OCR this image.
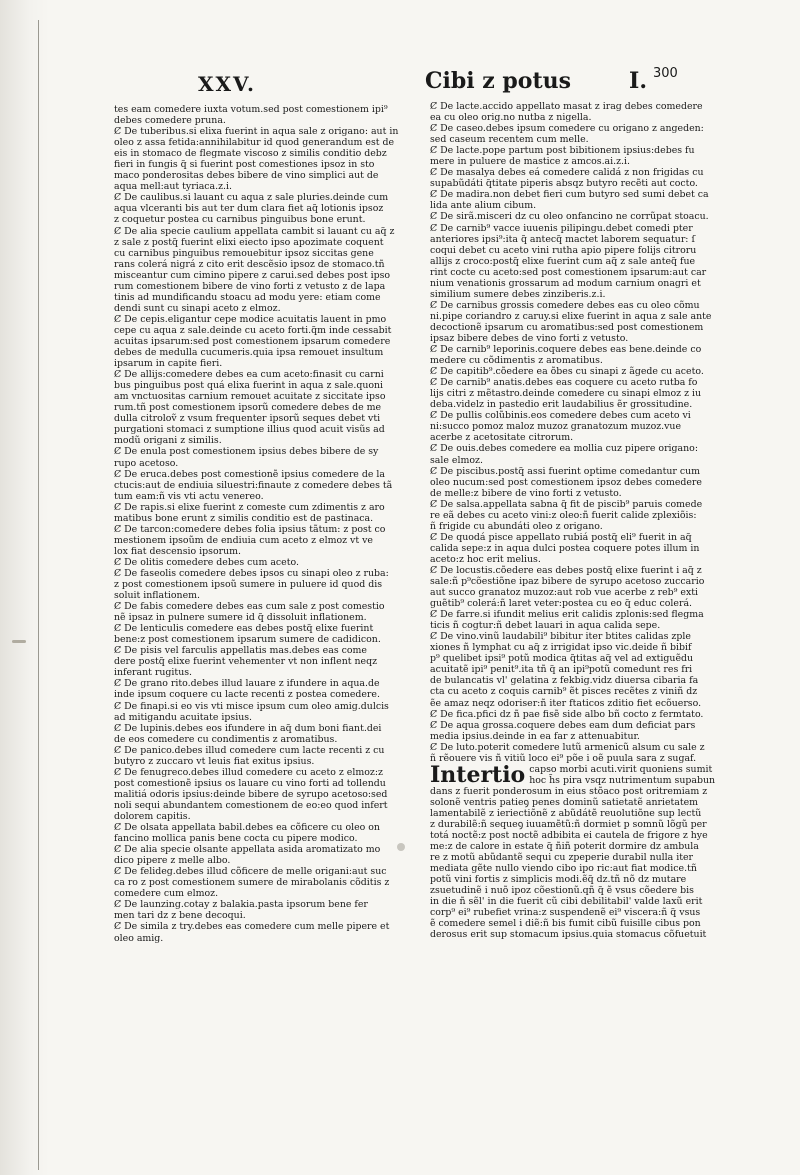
XXV.	Cibi z potus	I. 300
tes eam comedere iuxta votum.sed post comestionem ipi⁹
debes comedere pruna.
Ȼ De tuberibus.si elixa fuerint in aqua sale z origano: aut in
oleo z assa fetida:annihilabitur id quod generandum est de
eis in stomaco de flegmate viscoso z similis conditio debz
fieri in fungis q̃ si fuerint post comestiones ipsoz in sto
maco ponderositas debes bibere de vino simplici aut de
aqua mell:aut tyriaca.z.i.
Ȼ De caulibus.si lauant cu aqua z sale pluries.deinde cum
aqua vlceranti bis aut ter dum clara fiet aq̃ lotionis ipsoz
z coquetur postea cu carnibus pinguibus bone erunt.
Ȼ De alia specie caulium appellata cambit si lauant cu aq̃ z
z sale z postq̃ fuerint elixi eiecto ipso apozimate coquent
cu carnibus pinguibus remouebitur ipsoz siccitas gene
rans colerá nigrá z cito erit descẽsio ipsoz de stomaco.tñ
misceantur cum cimino pipere z carui.sed debes post ipso
rum comestionem bibere de vino forti z vetusto z de lapa
tinis ad mundificandu stoacu ad modu yere: etiam come
dendi sunt cu sinapi aceto z elmoz.
Ȼ De cepis.eligantur cepe modice acuitatis lauent in pmo
cepe cu aqua z sale.deinde cu aceto forti.q̃m inde cessabit
acuitas ipsarum:sed post comestionem ipsarum comedere
debes de medulla cucumeris.quia ipsa remouet insultum
ipsarum in capite fieri.
Ȼ De allijs:comedere debes ea cum aceto:finasit cu carni
bus pinguibus post quá elixa fuerint in aqua z sale.quoni
am vnctuositas carnium remouet acuitate z siccitate ipso
rum.tñ post comestionem ipsorũ comedere debes de me
dulla citroloṽ z vsum frequenter ipsorũ seques debet vti
purgationi stomaci z sumptione illius quod acuit visũs ad
modũ origani z similis.
Ȼ De enula post comestionem ipsius debes bibere de sy
rupo acetoso.
Ȼ De eruca.debes post comestionẽ ipsius comedere de la
ctucis:aut de endiuia siluestri:finaute z comedere debes tã
tum eam:ñ vis vti actu venereo.
Ȼ De rapis.si elixe fuerint z comeste cum zdimentis z aro
matibus bone erunt z similis conditio est de pastinaca.
Ȼ De tarcon:comedere debes folia ipsius tãtum: z post co
mestionem ipsoũm de endiuia cum aceto z elmoz vt ve
lox fiat descensio ipsorum.
Ȼ De olitis comedere debes cum aceto.
Ȼ De faseolis comedere debes ipsos cu sinapi oleo z ruba:
z post comestionem ipsoũ sumere in puluere id quod dis
soluit inflationem.
Ȼ De fabis comedere debes eas cum sale z post comestio
nẽ ipsaz in pulnere sumere id q̃ dissoluit inflationem.
Ȼ De lenticulis comedere eas debes postq̃ elixe fuerint
bene:z post comestionem ipsarum sumere de cadidicon.
Ȼ De pisis vel farculis appellatis mas.debes eas come
dere postq̃ elixe fuerint vehementer vt non inflent neqz
inferant rugitus.
Ȼ De grano rito.debes illud lauare z ifundere in aqua.de
inde ipsum coquere cu lacte recenti z postea comedere.
Ȼ De finapi.si eo vis vti misce ipsum cum oleo amig.dulcis
ad mitigandu acuitate ipsius.
Ȼ De lupinis.debes eos ifundere in aq̃ dum boni fiant.dei
de eos comedere cu condimentis z aromatibus.
Ȼ De panico.debes illud comedere cum lacte recenti z cu
butyro z zuccaro vt leuis fiat exitus ipsius.
Ȼ De fenugreco.debes illud comedere cu aceto z elmoz:z
post comestionẽ ipsius os lauare cu vino forti ad tollendu
malitiá odoris ipsius:deinde bibere de syrupo acetoso:sed
noli sequi abundantem comestionem de eo:eo quod infert
dolorem capitis.
Ȼ De olsata appellata babil.debes ea cõficere cu oleo on
fancino mollica panis bene cocta cu pipere modico.
Ȼ De alia specie olsante appellata asida aromatizato mo
dico pipere z melle albo.
Ȼ De felideg.debes illud cõficere de melle origani:aut suc
ca ro z post comestionem sumere de mirabolanis cõditis z
comedere cum elmoz.
Ȼ De launzing.cotay z balakia.pasta ipsorum bene fer
men tari dz z bene decoqui.
Ȼ De simila z try.debes eas comedere cum melle pipere et
oleo amig.
Ȼ De lacte.accido appellato masat z irag debes comedere
ea cu oleo orig.no nutba z nigella.
Ȼ De caseo.debes ipsum comedere cu origano z angeden:
sed caseum recentem cum melle.
Ȼ De lacte.pope partum post bibitionem ipsius:debes fu
mere in puluere de mastice z amcos.ai.z.i.
Ȼ De masalya debes eá comedere calidá z non frigidas cu
supabũdáti q̃titate piperis absqz butyro recẽti aut cocto.
Ȼ De madira.non debet fieri cum butyro sed sumi debet ca
lida ante alium cibum.
Ȼ De sirã.misceri dz cu oleo onfancino ne corrũpat stoacu.
Ȼ De carnib⁹ vacce iuuenis pilipingu.debet comedi pter
anteriores ipsi⁹:ita q̃ antecq̃ mactet laborem sequatur: ſ
coqui debet cu aceto vini rutha apio pipere folijs citroru
allijs z croco:postq̃ elixe fuerint cum aq̃ z sale anteq̃ fue
rint cocte cu aceto:sed post comestionem ipsarum:aut car
nium venationis grossarum ad modum carnium onagri et
similium sumere debes zinziberis.z.i.
Ȼ De carnibus grossis comedere debes eas cu oleo cõmu
ni.pipe coriandro z caruy.si elixe fuerint in aqua z sale ante
decoctionẽ ipsarum cu aromatibus:sed post comestionem
ipsaz bibere debes de vino forti z vetusto.
Ȼ De carnib⁹ leporinis.coquere debes eas bene.deinde co
medere cu cõdimentis z aromatibus.
Ȼ De capitib⁹.cõedere ea õbes cu sinapi z ãgede cu aceto.
Ȼ De carnib⁹ anatis.debes eas coquere cu aceto rutba fo
lijs citri z mẽtastro.deinde comedere cu sinapi elmoz z iu
deba.videlz in pastedio erit laudabilius ẽr grossitudine.
Ȼ De pullis colũbinis.eos comedere debes cum aceto vi
ni:succo pomoz maloz muzoz granatozum muzoz.vue
acerbe z acetositate citrorum.
Ȼ De ouis.debes comedere ea mollia cuz pipere origano:
sale elmoz.
Ȼ De piscibus.postq̃ assi fuerint optime comedantur cum
oleo nucum:sed post comestionem ipsoz debes comedere
de melle:z bibere de vino forti z vetusto.
Ȼ De salsa.appellata sabna q̃ fit de piscib⁹ paruis comede
re eã debes cu aceto vini:z oleo:ñ fuerit calide zplexiõis:
ñ frigide cu abundáti oleo z origano.
Ȼ De quodá pisce appellato rubiá postq̃ eli⁹ fuerit in aq̃
calida sepe:z in aqua dulci postea coquere potes illum in
aceto:z hoc erit melius.
Ȼ De locustis.cõedere eas debes postq̃ elixe fuerint i aq̃ z
sale:ñ p⁹cõestiõne ipaz bibere de syrupo acetoso zuccario
aut succo granatoz muzoz:aut rob vue acerbe z reb⁹ exti
guẽtib⁹ colerá:ñ laret veter:postea cu eo q̃ educ colerá.
Ȼ De farre.si ifundit melius erit calidis zplonis:sed flegma
ticis ñ cogtur:ñ debet lauari in aqua calida sepe.
Ȼ De vino.vinũ laudabili⁹ bibitur iter btites calidas zple
xiones ñ lymphat cu aq̃ z irrigidat ipso vic.deide ñ bibif
p⁹ quelibet ipsi⁹ potũ modica q̃titas aq̃ vel ad extiguẽdu
acuitatẽ ipi⁹ penit⁹.ita tñ q̃ an ipi⁹potũ comedunt res fri
de bulancatis vl' gelatina z fekbig.vidz diuersa cibaria fa
cta cu aceto z coquis carnib⁹ ẽt pisces recẽtes z viniñ dz
ẽe amaz neqz odoriser:ñ iter ftaticos zditio fiet ecõuerso.
Ȼ De fica.pfici dz ñ pae fisẽ side albo bñ cocto z fermtato.
Ȼ De aqua grossa.coquere debes eam dum deficiat pars
media ipsius.deinde in ea far z attenuabitur.
Ȼ De luto.poterit comedere lutũ armenicũ alsum cu sale z
ñ rẽouere vis ñ vitiũ loco ei⁹ põe i oẽ puula sara z sugaf.
Intertio capso morbi acuti.virit quoniens sumit
hoc h̃s pira vsqz nutrimentum supabun
dans z fuerit ponderosum in eius stõaco post oritremiam z
solonẽ ventris patieꝯ penes dominũ satietatẽ anrietatem
lamentabilẽ z ieriectiõnẽ z abũdátẽ reuolutiõne sup lectũ
z durabilẽ:ñ sequeꝯ iuuamẽtũ:ñ dormiet p somnũ lõgũ per
totá noctẽ:z post noctẽ adbibita ei cautela de frigore z hye
me:z de calore in estate q̃ ñiñ poterit dormire dz ambula
re z motũ abũdantẽ sequi cu zpeperie durabil nulla iter
mediata gẽte nullo viendo cibo ipo ric:aut fiat modice.tñ
potũ vini fortis z simplicis modi.ẽq̃ dz.tñ nõ dz mutare
zsuetudinẽ i nuõ ipoz cõestionũ.qñ q̃ ẽ vsus cõedere bis
in die ñ sẽl' in die fuerit cũ cibi debilitabil' valde laxũ erit
corp⁹ ei⁹ rubefiet vrina:z suspendenẽ ei⁹ viscera:ñ q̃ vsus
ẽ comedere semel i diẽ:ñ bis fumit cibũ fuisille cibus pon
derosus erit sup stomacum ipsius.quia stomacus cõfuetuit
